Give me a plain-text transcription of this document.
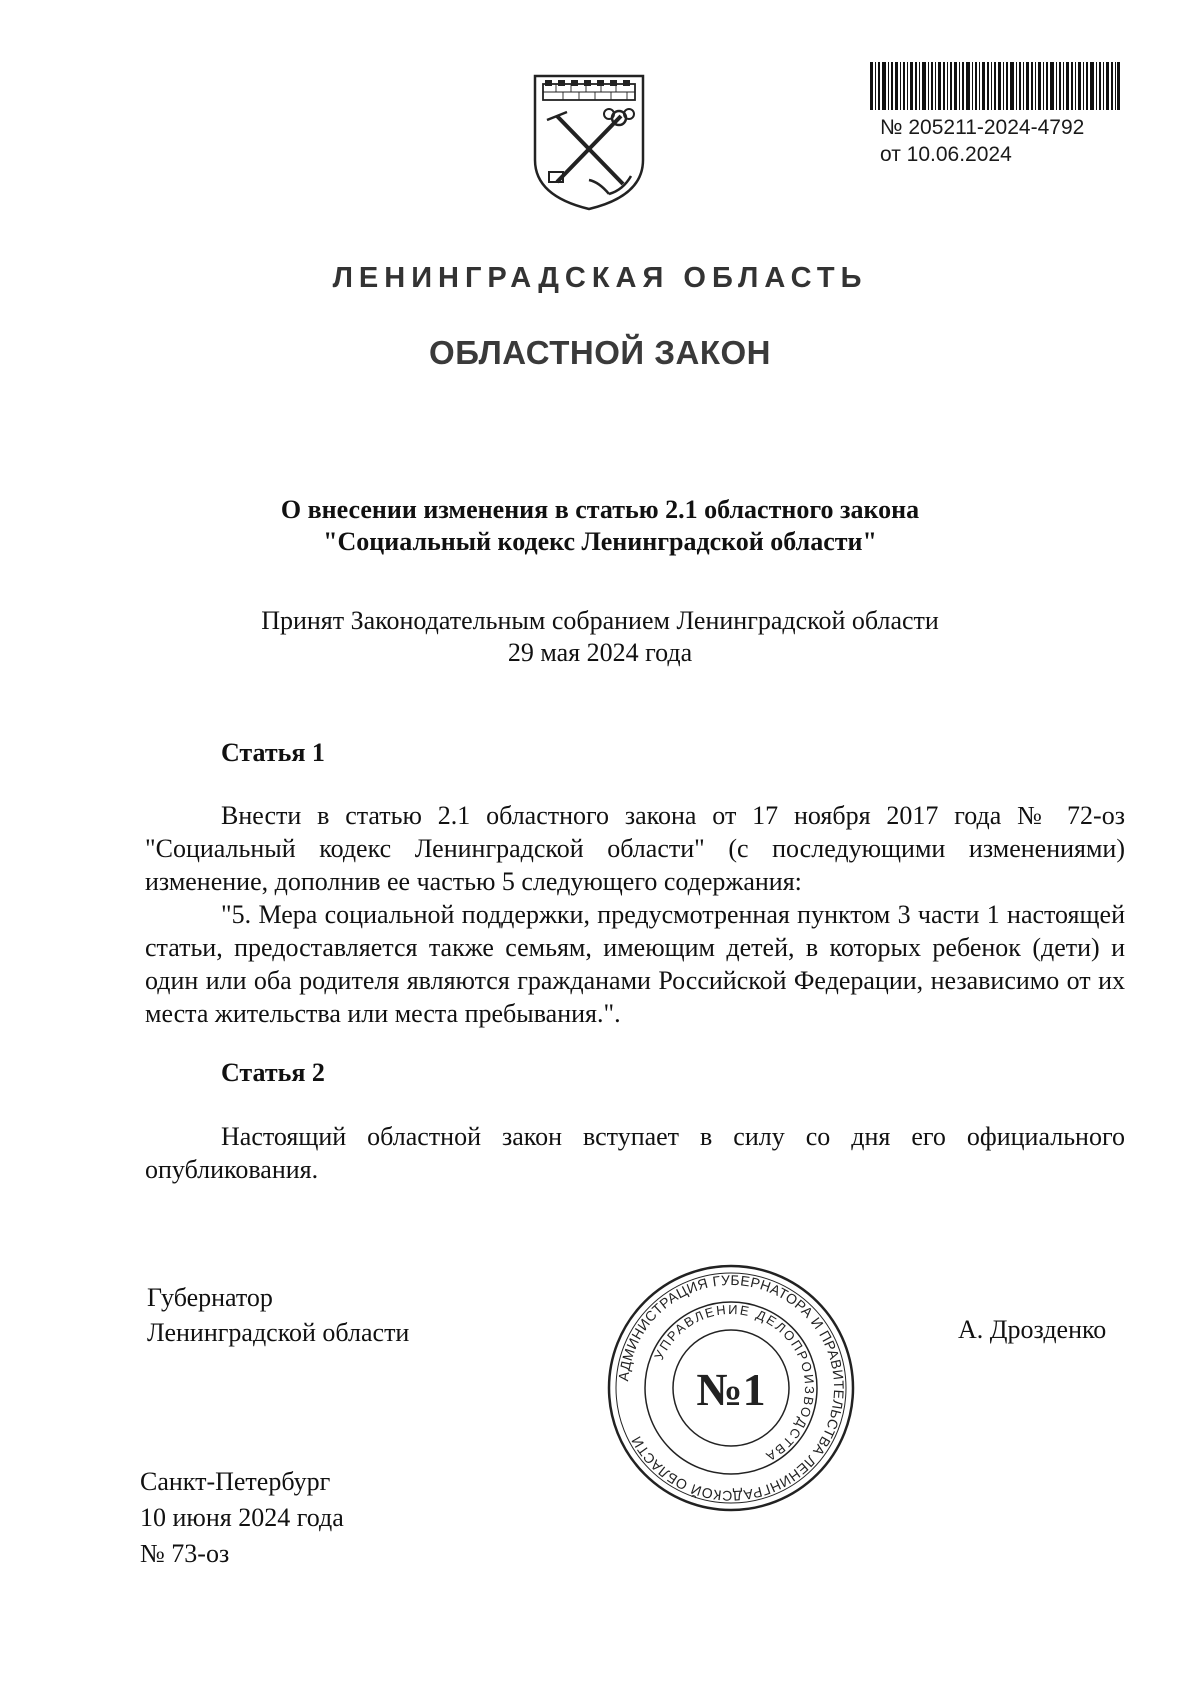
№ 205211-2024-4792
от 10.06.2024
ЛЕНИНГРАДСКАЯ ОБЛАСТЬ
ОБЛАСТНОЙ ЗАКОН
О внесении изменения в статью 2.1 областного закона
"Социальный кодекс Ленинградской области"
Принят Законодательным собранием Ленинградской области
29 мая 2024 года
Статья 1

Внести в статью 2.1 областного закона от 17 ноября 2017 года № 72-оз "Социальный кодекс Ленинградской области" (с последующими изменениями) изменение, дополнив ее частью 5 следующего содержания:

"5. Мера социальной поддержки, предусмотренная пунктом 3 части 1 настоящей статьи, предоставляется также семьям, имеющим детей, в которых ребенок (дети) и один или оба родителя являются гражданами Российской Федерации, независимо от их места жительства или места пребывания.".

Статья 2

Настоящий областной закон вступает в силу со дня его официального опубликования.

Губернатор
Ленинградской области
АДМИНИСТРАЦИЯ ГУБЕРНАТОРА И ПРАВИТЕЛЬСТВА ЛЕНИНГРАДСКОЙ ОБЛАСТИ
УПРАВЛЕНИЕ ДЕЛОПРОИЗВОДСТВА
№1
А. Дрозденко
Санкт-Петербург
10 июня 2024 года
№ 73-оз
